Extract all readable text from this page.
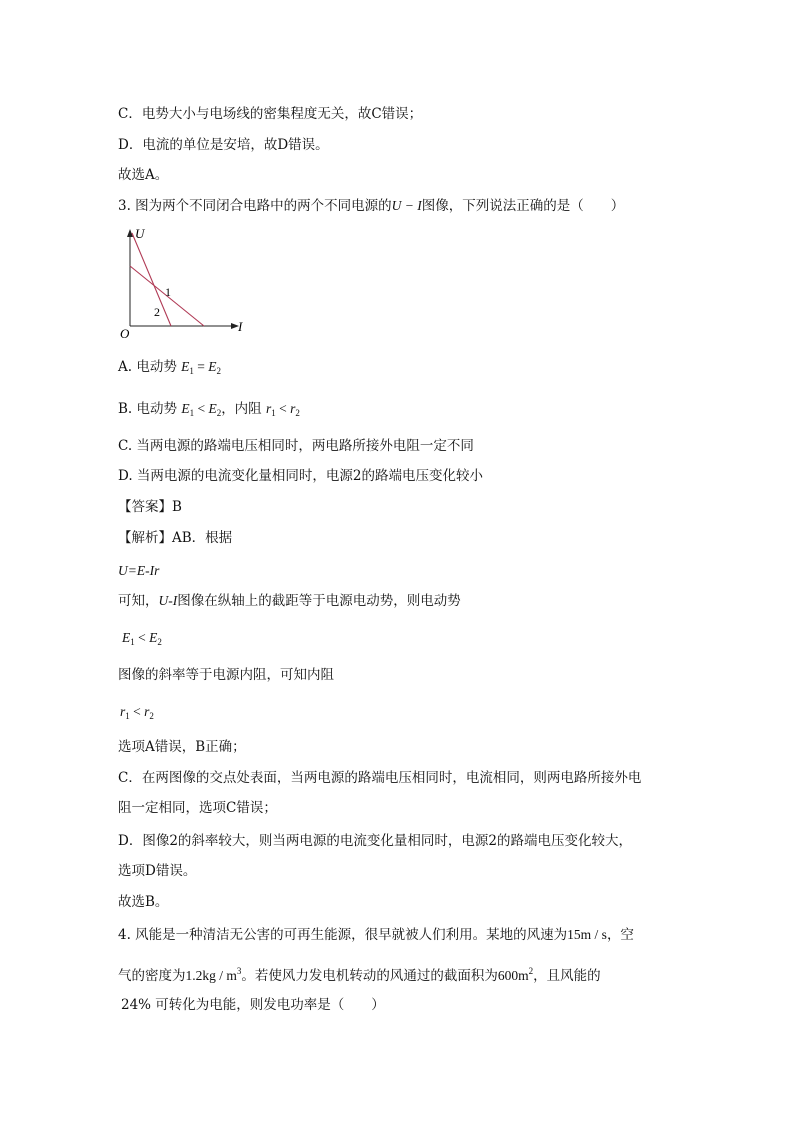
C．电势大小与电场线的密集程度无关，故C错误；
D．电流的单位是安培，故D错误。
故选A。
3. 图为两个不同闭合电路中的两个不同电源的U − I图像，下列说法正确的是（　　）
U
I
O
1
2
A. 电动势 $E_1 = E_2$
B. 电动势 $E_1 < E_2$，内阻 $r_1 < r_2$
C. 当两电源的路端电压相同时，两电路所接外电阻一定不同
D. 当两电源的电流变化量相同时，电源2的路端电压变化较小
【答案】B
【解析】AB．根据
U=E-Ir
可知，U-I图像在纵轴上的截距等于电源电动势，则电动势
$E_1 < E_2$
图像的斜率等于电源内阻，可知内阻
$r_1 < r_2$
选项A错误，B正确；
C．在两图像的交点处表面，当两电源的路端电压相同时，电流相同，则两电路所接外电
阻一定相同，选项C错误；
D．图像2的斜率较大，则当两电源的电流变化量相同时，电源2的路端电压变化较大，
选项D错误。
故选B。
4. 风能是一种清洁无公害的可再生能源，很早就被人们利用。某地的风速为15m / s，空
气的密度为$1.2kg / m^3$。若使风力发电机转动的风通过的截面积为$600m^2$，且风能的
24% 可转化为电能，则发电功率是（　　）
